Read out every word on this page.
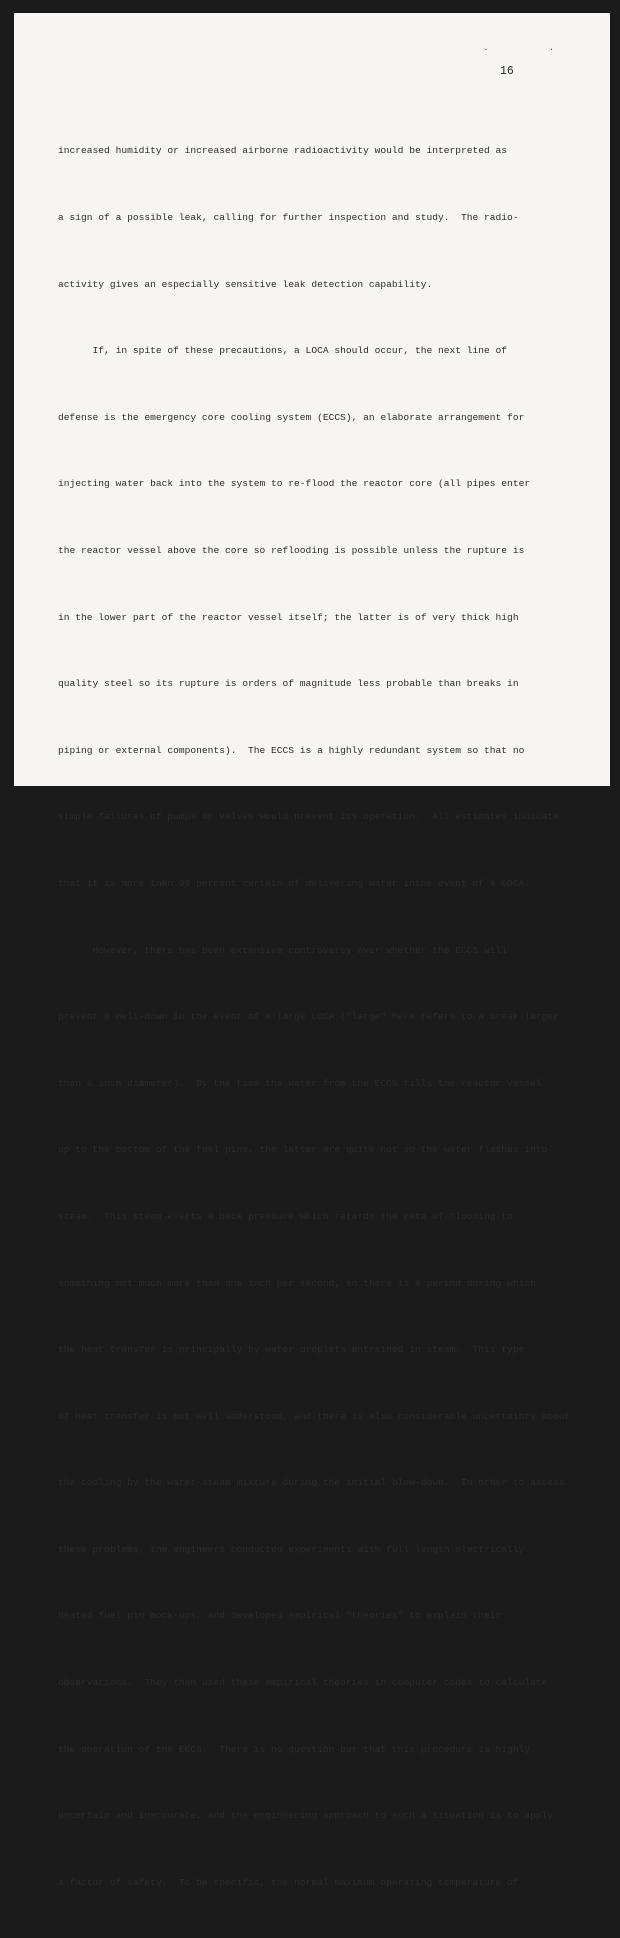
. .
16

increased humidity or increased airborne radioactivity would be interpreted as

a sign of a possible leak, calling for further inspection and study.  The radio-

activity gives an especially sensitive leak detection capability.

If, in spite of these precautions, a LOCA should occur, the next line of

defense is the emergency core cooling system (ECCS), an elaborate arrangement for

injecting water back into the system to re-flood the reactor core (all pipes enter

the reactor vessel above the core so reflooding is possible unless the rupture is

in the lower part of the reactor vessel itself; the latter is of very thick high

quality steel so its rupture is orders of magnitude less probable than breaks in

piping or external components).  The ECCS is a highly redundant system so that no

simple failures of pumps or valves would prevent its operation.  All estimates indicate

that it is more than 99 percent certain of delivering water inthe event of a LOCA.

However, there has been extensive controversy over whether the ECCS will

prevent a melt-down in the event of a large LOCA ("large" here refers to a break larger

than 6 inch diameter).  By the time the water from the ECCS fills the reactor vessel

up to the bottom of the fuel pins, the latter are quite hot so the water flashes into

steam.  This steam exerts a back pressure which retards the rate of flooding to

something not much more than one inch per second, so there is a period during which

the heat transfer is principally by water droplets entrained in steam.  This type

of heat transfer is not well understood, and there is also considerable uncertainty about

the cooling by the water-steam mixture during the initial blow-down.  In order to assess

these problems, the engineers conducted experiments with full length electrically

heated fuel pin mock-ups, and developed empirical "theories" to explain their

observations.  They then used these empirical theories in computer codes to calculate

the operation of the ECCS.  There is no question but that this procedure is highly

uncertain and inaccurate, and the engineering approach to such a situation is to apply

a factor of safety.  To be specific, the normal maximum operating temperature of
